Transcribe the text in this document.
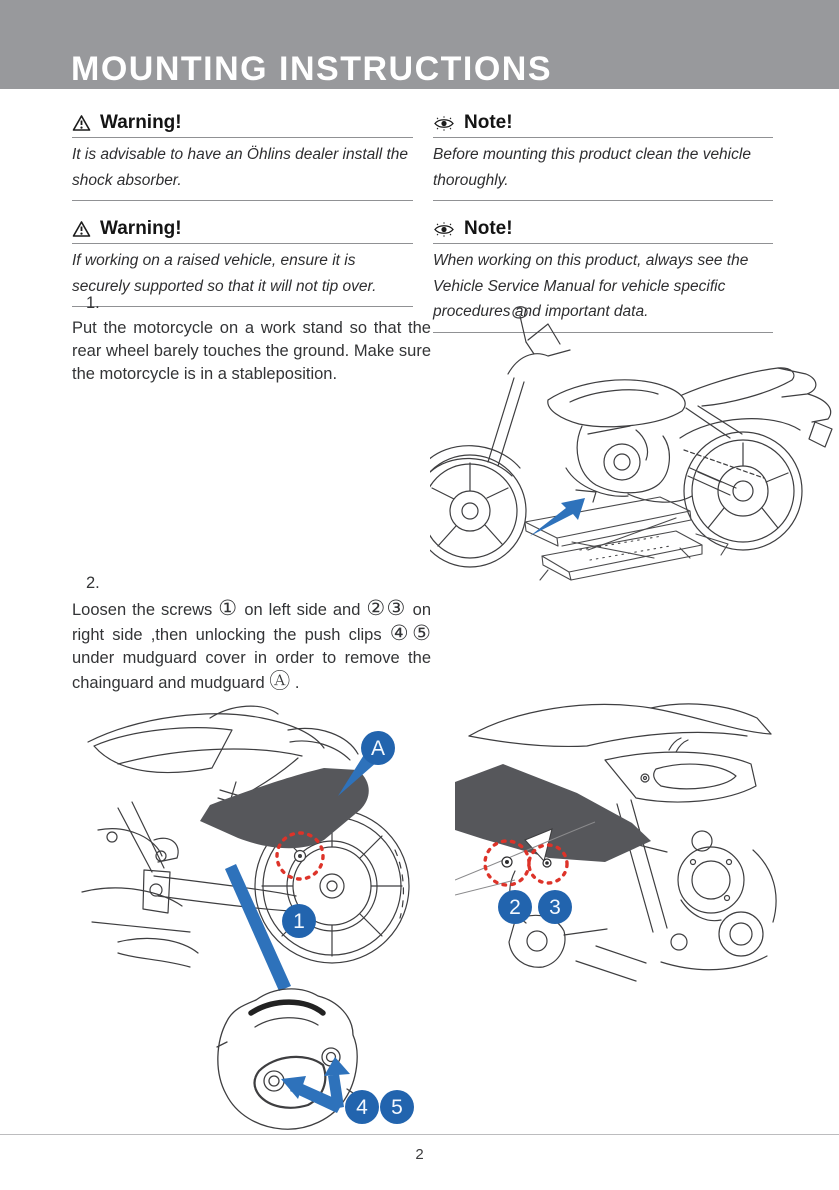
MOUNTING INSTRUCTIONS
Warning!

It is advisable to have an Öhlins dealer install the shock absorber.

Warning!

If working on a raised vehicle, ensure it is securely supported so that it will not tip over.

Note!

Before mounting this product clean the vehicle thoroughly.

Note!

When working on this product, always see the Vehicle Service Manual for vehicle specific procedures and important data.

1.

Put the motorcycle on a work stand so that the rear wheel barely touches the ground. Make sure the motorcycle is in a stableposition.

2.

Loosen the screws ① on left side and ②③ on right side ,then unlocking the push clips ④⑤ under mudguard cover in order to remove the chainguard and mudguard Ⓐ .

A
1
4	5
2	3
2
